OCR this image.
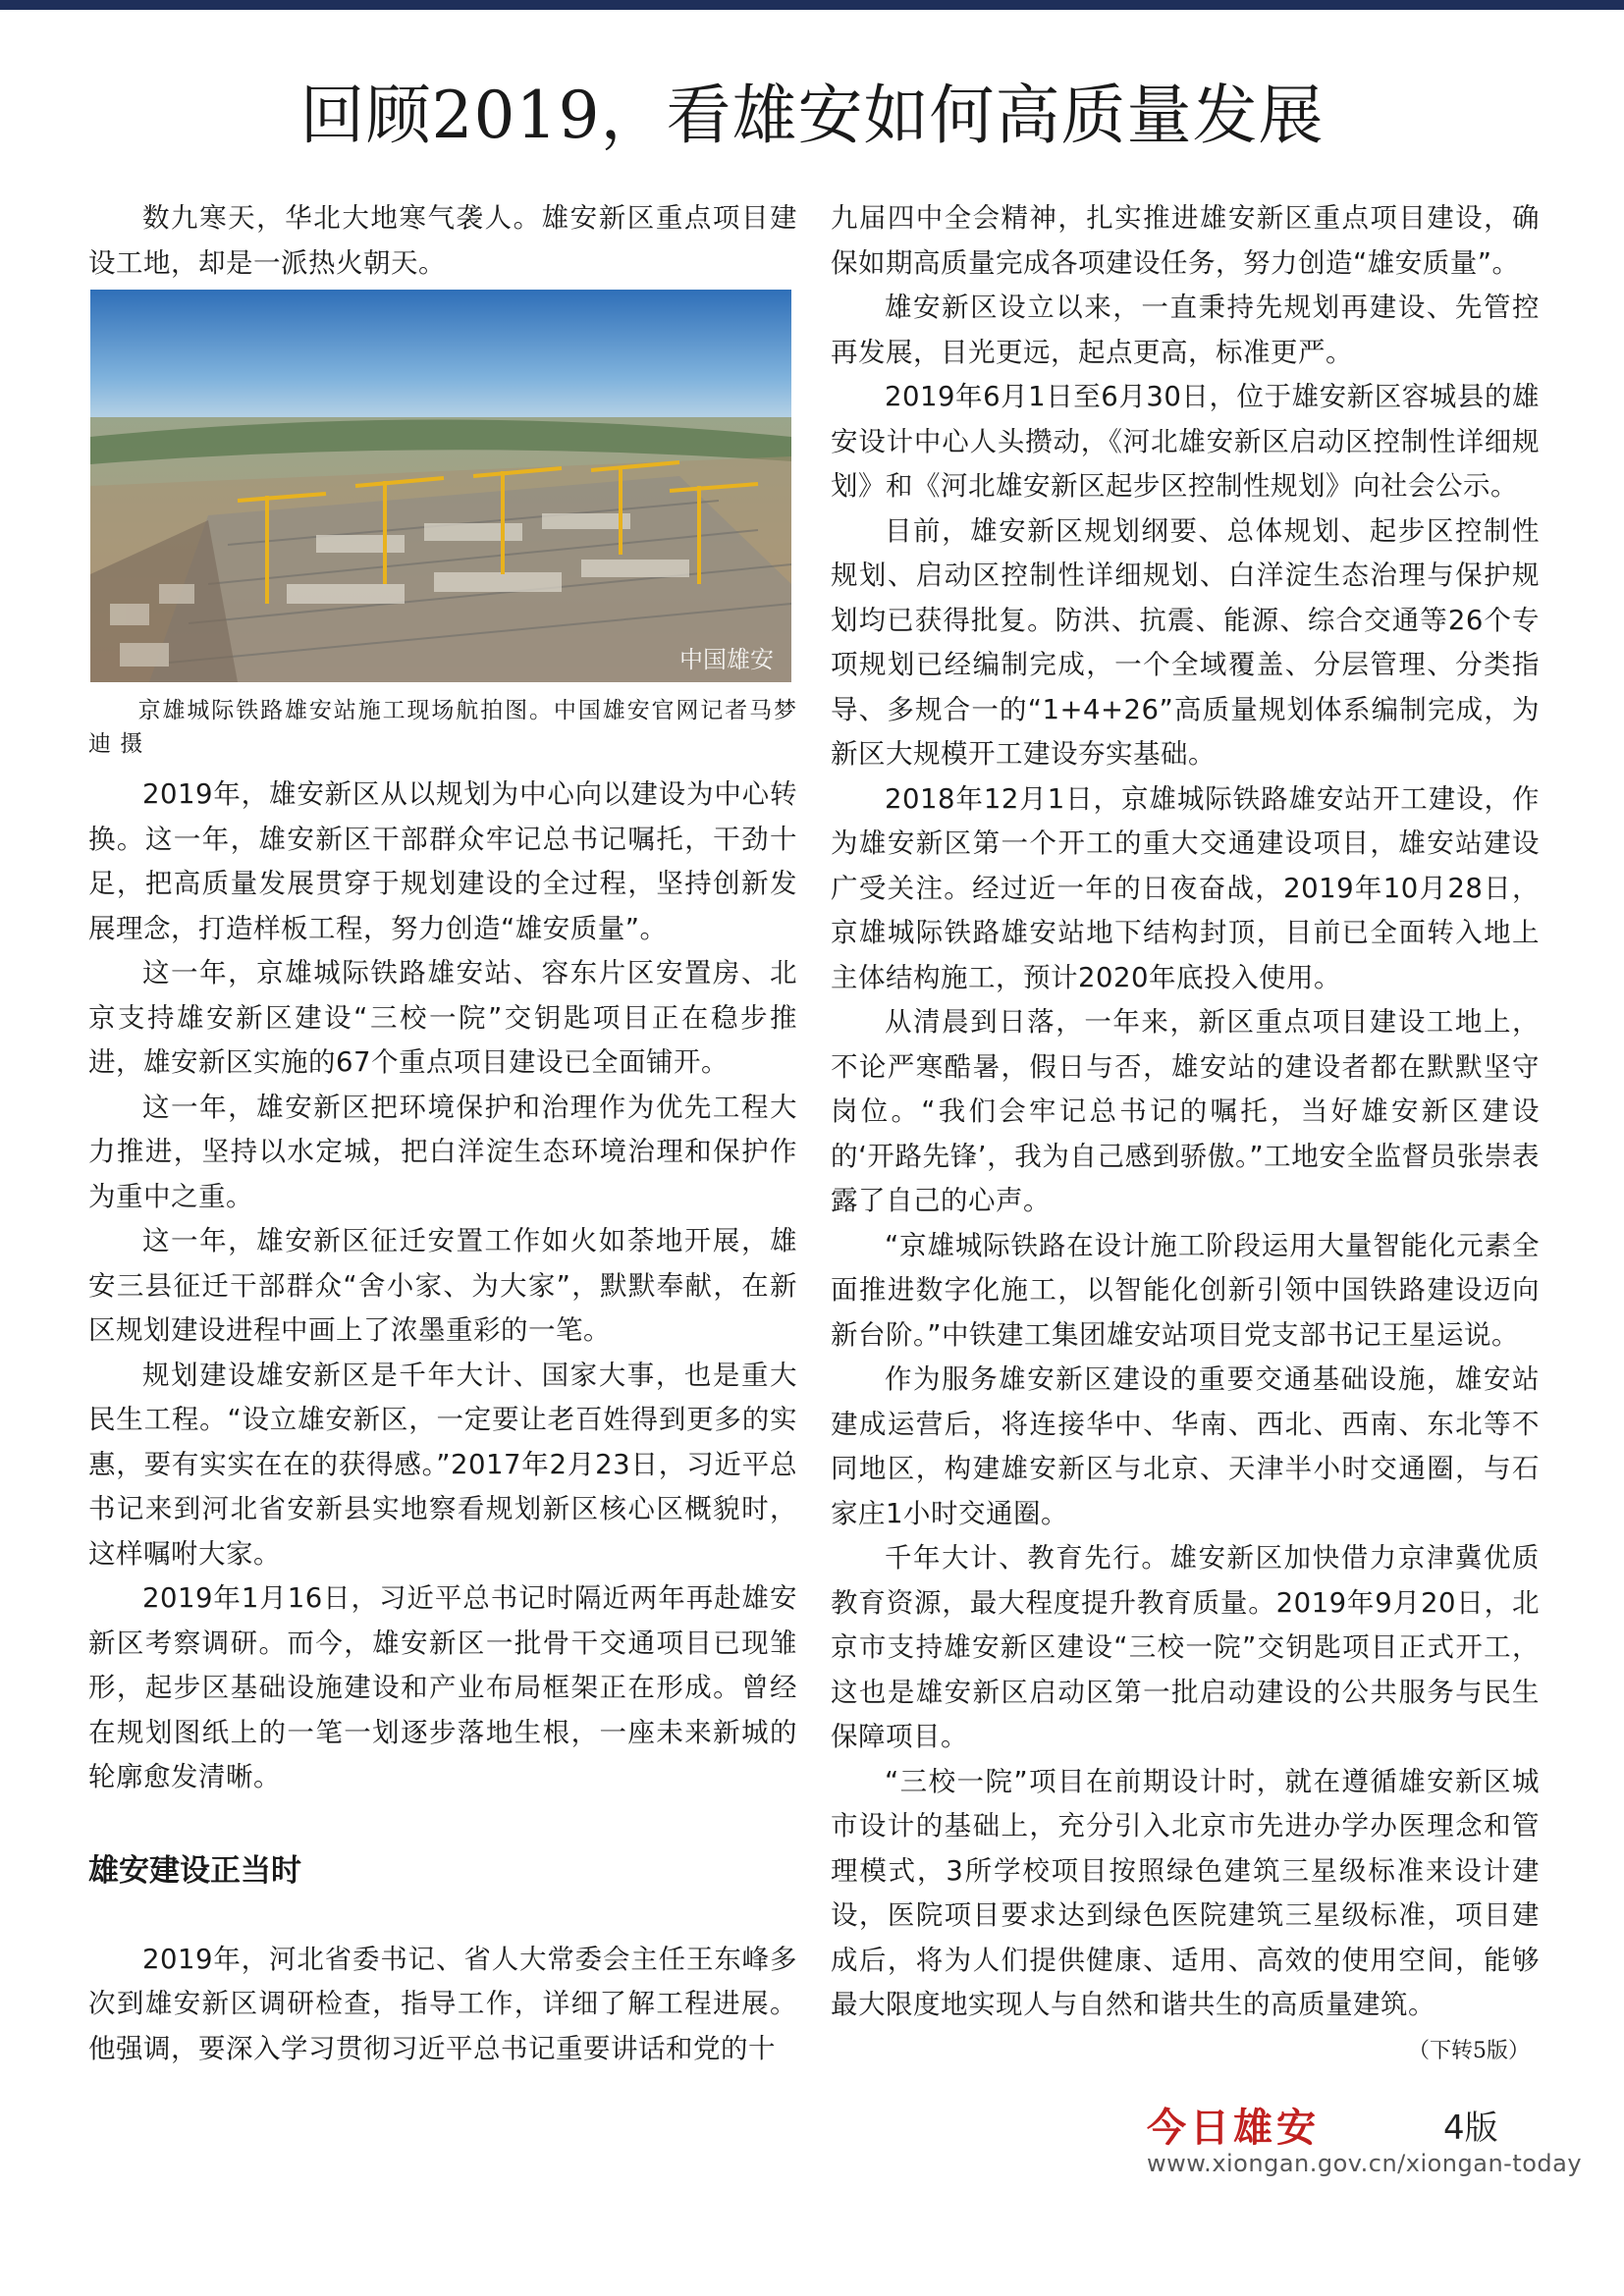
回顾2019，看雄安如何高质量发展

数九寒天，华北大地寒气袭人。雄安新区重点项目建设工地，却是一派热火朝天。

中国雄安

京雄城际铁路雄安站施工现场航拍图。中国雄安官网记者马梦迪 摄

2019年，雄安新区从以规划为中心向以建设为中心转换。这一年，雄安新区干部群众牢记总书记嘱托，干劲十足，把高质量发展贯穿于规划建设的全过程，坚持创新发展理念，打造样板工程，努力创造“雄安质量”。

这一年，京雄城际铁路雄安站、容东片区安置房、北京支持雄安新区建设“三校一院”交钥匙项目正在稳步推进，雄安新区实施的67个重点项目建设已全面铺开。

这一年，雄安新区把环境保护和治理作为优先工程大力推进，坚持以水定城，把白洋淀生态环境治理和保护作为重中之重。

这一年，雄安新区征迁安置工作如火如荼地开展，雄安三县征迁干部群众“舍小家、为大家”，默默奉献，在新区规划建设进程中画上了浓墨重彩的一笔。

规划建设雄安新区是千年大计、国家大事，也是重大民生工程。“设立雄安新区，一定要让老百姓得到更多的实惠，要有实实在在的获得感。”2017年2月23日，习近平总书记来到河北省安新县实地察看规划新区核心区概貌时，这样嘱咐大家。

2019年1月16日，习近平总书记时隔近两年再赴雄安新区考察调研。而今，雄安新区一批骨干交通项目已现雏形，起步区基础设施建设和产业布局框架正在形成。曾经在规划图纸上的一笔一划逐步落地生根，一座未来新城的轮廓愈发清晰。

雄安建设正当时

2019年，河北省委书记、省人大常委会主任王东峰多次到雄安新区调研检查，指导工作，详细了解工程进展。他强调，要深入学习贯彻习近平总书记重要讲话和党的十

九届四中全会精神，扎实推进雄安新区重点项目建设，确保如期高质量完成各项建设任务，努力创造“雄安质量”。

雄安新区设立以来，一直秉持先规划再建设、先管控再发展，目光更远，起点更高，标准更严。

2019年6月1日至6月30日，位于雄安新区容城县的雄安设计中心人头攒动，《河北雄安新区启动区控制性详细规划》和《河北雄安新区起步区控制性规划》向社会公示。

目前，雄安新区规划纲要、总体规划、起步区控制性规划、启动区控制性详细规划、白洋淀生态治理与保护规划均已获得批复。防洪、抗震、能源、综合交通等26个专项规划已经编制完成，一个全域覆盖、分层管理、分类指导、多规合一的“1+4+26”高质量规划体系编制完成，为新区大规模开工建设夯实基础。

2018年12月1日，京雄城际铁路雄安站开工建设，作为雄安新区第一个开工的重大交通建设项目，雄安站建设广受关注。经过近一年的日夜奋战，2019年10月28日，京雄城际铁路雄安站地下结构封顶，目前已全面转入地上主体结构施工，预计2020年底投入使用。

从清晨到日落，一年来，新区重点项目建设工地上，不论严寒酷暑，假日与否，雄安站的建设者都在默默坚守岗位。“我们会牢记总书记的嘱托，当好雄安新区建设的‘开路先锋’，我为自己感到骄傲。”工地安全监督员张崇表露了自己的心声。

“京雄城际铁路在设计施工阶段运用大量智能化元素全面推进数字化施工，以智能化创新引领中国铁路建设迈向新台阶。”中铁建工集团雄安站项目党支部书记王星运说。

作为服务雄安新区建设的重要交通基础设施，雄安站建成运营后，将连接华中、华南、西北、西南、东北等不同地区，构建雄安新区与北京、天津半小时交通圈，与石家庄1小时交通圈。

千年大计、教育先行。雄安新区加快借力京津冀优质教育资源，最大程度提升教育质量。2019年9月20日，北京市支持雄安新区建设“三校一院”交钥匙项目正式开工，这也是雄安新区启动区第一批启动建设的公共服务与民生保障项目。

“三校一院”项目在前期设计时，就在遵循雄安新区城市设计的基础上，充分引入北京市先进办学办医理念和管理模式，3所学校项目按照绿色建筑三星级标准来设计建设，医院项目要求达到绿色医院建筑三星级标准，项目建成后，将为人们提供健康、适用、高效的使用空间，能够最大限度地实现人与自然和谐共生的高质量建筑。

（下转5版）
今日雄安	4版
www.xiongan.gov.cn/xiongan-today
